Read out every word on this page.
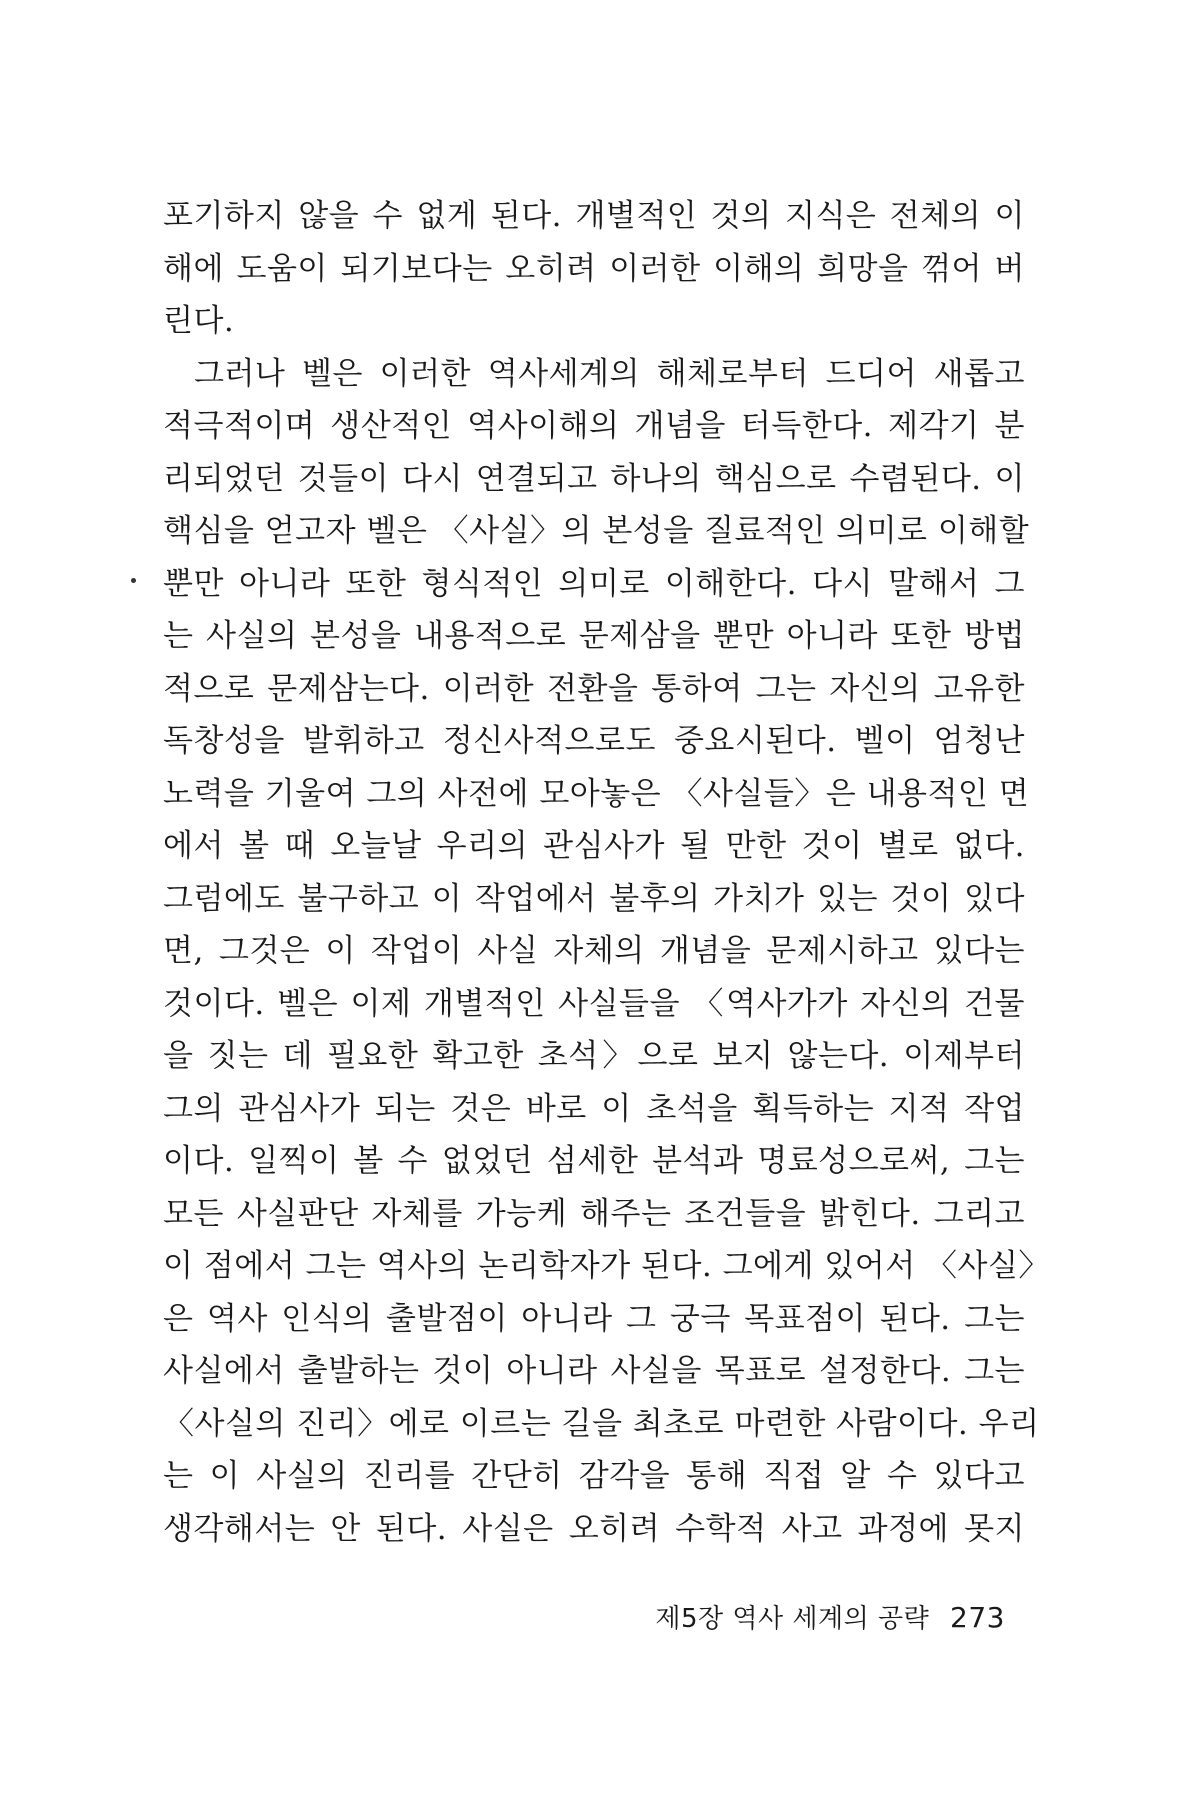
포기하지 않을 수 없게 된다. 개별적인 것의 지식은 전체의 이
해에 도움이 되기보다는 오히려 이러한 이해의 희망을 꺾어 버
린다.
그러나 벨은 이러한 역사세계의 해체로부터 드디어 새롭고
적극적이며 생산적인 역사이해의 개념을 터득한다. 제각기 분
리되었던 것들이 다시 연결되고 하나의 핵심으로 수렴된다. 이
핵심을 얻고자 벨은 〈사실〉의 본성을 질료적인 의미로 이해할
뿐만 아니라 또한 형식적인 의미로 이해한다. 다시 말해서 그
는 사실의 본성을 내용적으로 문제삼을 뿐만 아니라 또한 방법
적으로 문제삼는다. 이러한 전환을 통하여 그는 자신의 고유한
독창성을 발휘하고 정신사적으로도 중요시된다. 벨이 엄청난
노력을 기울여 그의 사전에 모아놓은 〈사실들〉은 내용적인 면
에서 볼 때 오늘날 우리의 관심사가 될 만한 것이 별로 없다.
그럼에도 불구하고 이 작업에서 불후의 가치가 있는 것이 있다
면, 그것은 이 작업이 사실 자체의 개념을 문제시하고 있다는
것이다. 벨은 이제 개별적인 사실들을 〈역사가가 자신의 건물
을 짓는 데 필요한 확고한 초석〉으로 보지 않는다. 이제부터
그의 관심사가 되는 것은 바로 이 초석을 획득하는 지적 작업
이다. 일찍이 볼 수 없었던 섬세한 분석과 명료성으로써, 그는
모든 사실판단 자체를 가능케 해주는 조건들을 밝힌다. 그리고
이 점에서 그는 역사의 논리학자가 된다. 그에게 있어서 〈사실〉
은 역사 인식의 출발점이 아니라 그 궁극 목표점이 된다. 그는
사실에서 출발하는 것이 아니라 사실을 목표로 설정한다. 그는
〈사실의 진리〉에로 이르는 길을 최초로 마련한 사람이다. 우리
는 이 사실의 진리를 간단히 감각을 통해 직접 알 수 있다고
생각해서는 안 된다. 사실은 오히려 수학적 사고 과정에 못지
제5장 역사 세계의 공략 273
